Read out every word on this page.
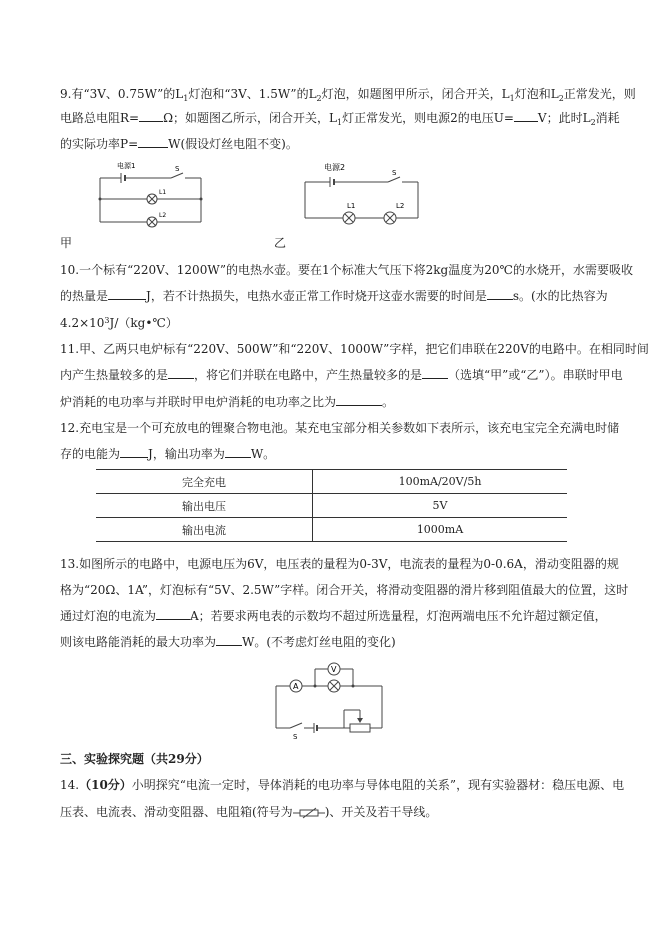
9.有“3V、0.75W”的$L_1$灯泡和“3V、1.5W”的$L_2$灯泡，如题图甲所示，闭合开关，$L_1$灯泡和$L_2$正常发光，则
电路总电阻R= Ω；如题图乙所示，闭合开关，$L_1$灯正常发光，则电源2的电压U= V；此时$L_2$消耗
的实际功率P=	W(假设灯丝电阻不变)。
电源1	S
L1
L2
电源2
S
L1	L2
甲	乙
10.一个标有“220V、1200W”的电热水壶。要在1个标准大气压下将2kg温度为20℃的水烧开，水需要吸收
的热量是	J，若不计热损失，电热水壶正常工作时烧开这壶水需要的时间是 s。(水的比热容为
$4.2\times 10^3J/(kg•℃)$
11.甲、乙两只电炉标有“220V、500W”和“220V、1000W”字样，把它们串联在220V的电路中。在相同时间
内产生热量较多的是 ，将它们并联在电路中，产生热量较多的是 （选填“甲”或“乙”）。串联时甲电
炉消耗的电功率与并联时甲电炉消耗的电功率之比为	。
12.充电宝是一个可充放电的锂聚合物电池。某充电宝部分相关参数如下表所示，该充电宝完全充满电时储
存的电能为 J，输出功率为 W。
完全充电	100mA/20V/5h
输出电压	5V
输出电流	1000mA
13.如图所示的电路中，电源电压为6V，电压表的量程为0-3V，电流表的量程为0-0.6A，滑动变阻器的规
格为“20Ω、1A”，灯泡标有“5V、2.5W”字样。闭合开关，将滑动变阻器的滑片移到阻值最大的位置，这时
通过灯泡的电流为	A；若要求两电表的示数均不超过所选量程，灯泡两端电压不允许超过额定值，
则该电路能消耗的最大功率为 W。(不考虑灯丝电阻的变化)
A
V
S
三、实验探究题（共29分）
14.（10分）小明探究“电流一定时，导体消耗的电功率与导体电阻的关系”，现有实验器材：稳压电源、电
压表、电流表、滑动变阻器、电阻箱(符号为	)、开关及若干导线。
